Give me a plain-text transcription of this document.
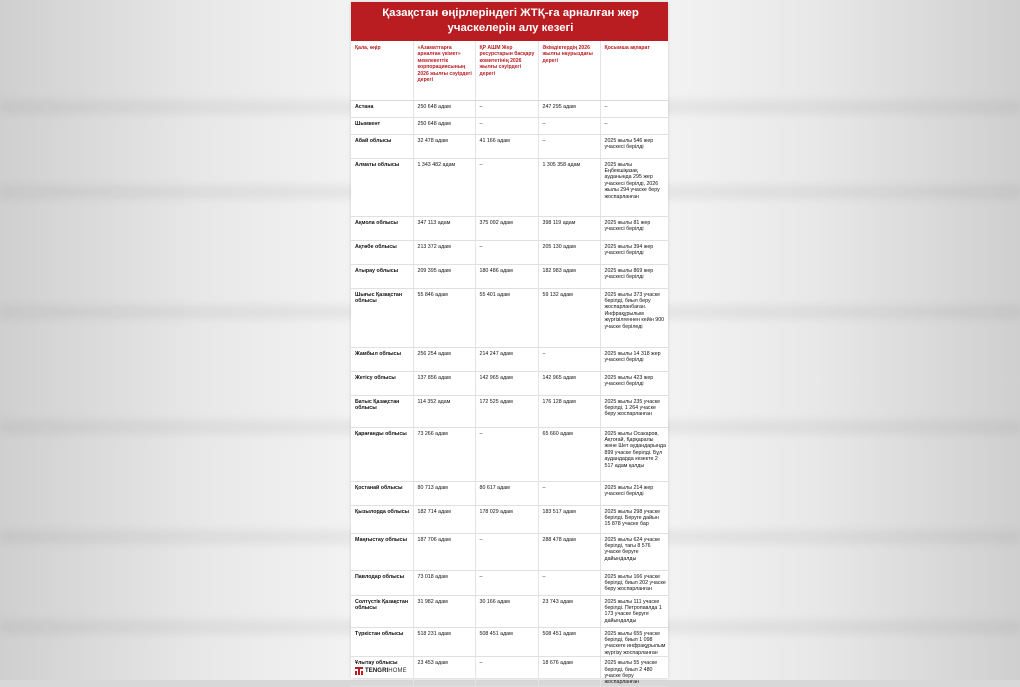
Қазақстан өңірлеріндегі ЖТҚ-ға арналған жер учаскелерін алу кезегі
Қала, өңір	«Азаматтарға арналған үкімет» мемлекеттік корпорациясының 2026 жылғы сәуірдегі дерегі	ҚР АШМ Жер ресурстарын басқару комитетінің 2026 жылғы сәуірдегі дерегі	Әкімдіктердің 2026 жылғы наурыздағы дерегі	Қосымша ақпарат
Астана	250 648 адам	–	247 295 адам	–
Шымкент	250 648 адам	–	–	–
Абай облысы	32 478 адам	41 166 адам	–	2025 жылы 546 жер учаскесі берілді
Алматы облысы	1 343 482 адам	–	1 305 358 адам	2025 жылы Еңбекшіқазақ ауданында 295 жер учаскесі берілді, 2026 жылы 294 учаске беру жоспарланған
Ақмола облысы	347 113 адам	375 092 адам	398 119 адам	2025 жылы 81 жер учаскесі берілді
Ақтөбе облысы	213 372 адам	–	205 130 адам	2025 жылы 394 жер учаскесі берілді
Атырау облысы	209 395 адам	180 486 адам	182 983 адам	2025 жылы 869 жер учаскесі берілді
Шығыс Қазақстан облысы	55 846 адам	55 401 адам	59 132 адам	2025 жылы 373 учаске берілді, биыл беру жоспарланбаған. Инфрақұрылым жүргізілгеннен кейін 900 учаске беріледі
Жамбыл облысы	256 254 адам	214 247 адам	–	2025 жылы 14 318 жер учаскесі берілді
Жетісу облысы	137 856 адам	142 965 адам	142 965 адам	2025 жылы 423 жер учаскесі берілді
Батыс Қазақстан облысы	114 352 адам	172 525 адам	176 128 адам	2025 жылы 235 учаске берілді, 1 264 учаске беру жоспарланған
Қарағанды облысы	73 266 адам	–	65 660 адам	2025 жылы Осакаров, Ақтоғай, Қарқаралы және Шет аудандарында 899 учаске берілді. Бұл аудандарда кезекте 2 517 адам қалды
Қостанай облысы	80 713 адам	80 617 адам	–	2025 жылы 214 жер учаскесі берілді
Қызылорда облысы	182 714 адам	178 029 адам	183 517 адам	2025 жылы 298 учаске берілді. Беруге дайын 15 878 учаске бар
Маңғыстау облысы	187 706 адам	–	288 478 адам	2025 жылы 624 учаске берілді, тағы 8 576 учаске беруге дайындалды
Павлодар облысы	73 018 адам	–	–	2025 жылы 166 учаске берілді, биыл 202 учаске беру жоспарланған
Солтүстік Қазақстан облысы	31 982 адам	30 166 адам	23 743 адам	2025 жылы 111 учаске берілді. Петропавлда 1 173 учаске беруге дайындалды
Түркістан облысы	518 231 адам	508 451 адам	508 451 адам	2025 жылы 655 учаске берілді, биыл 1 098 учаскеге инфрақұрылым жүргізу жоспарланған
Ұлытау облысы	23 453 адам	–	18 676 адам	2025 жылы 55 учаске берілді, биыл 2 480 учаске беру жоспарланған
TENGRIHOME
